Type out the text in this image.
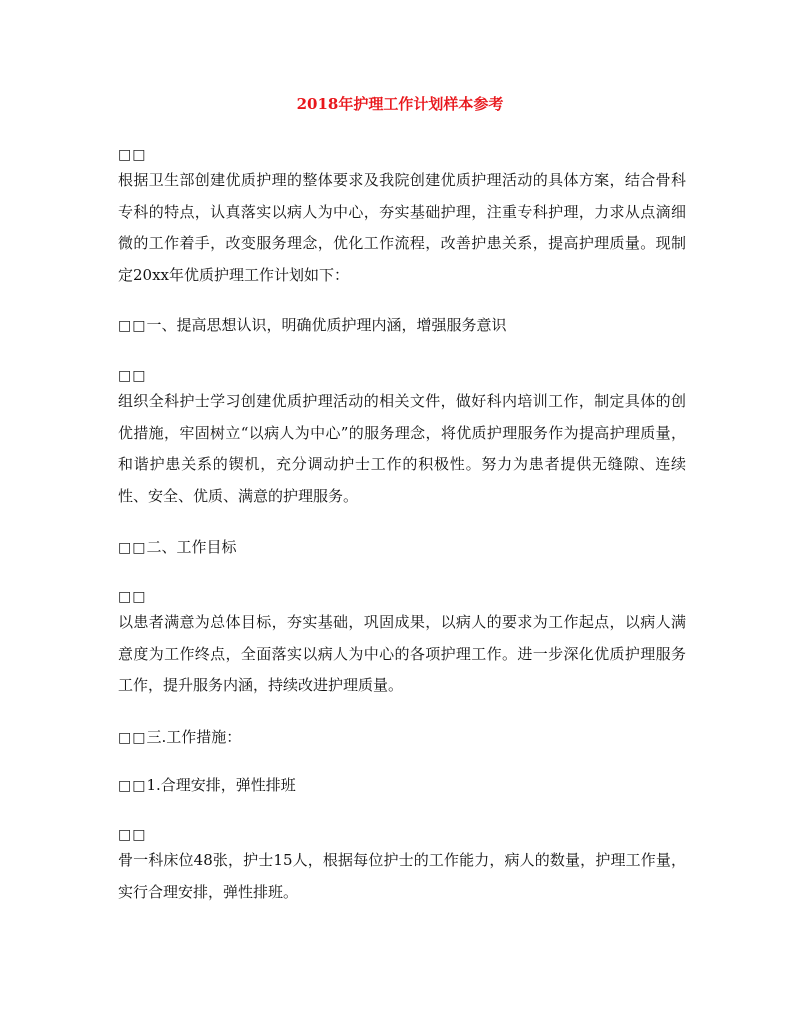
2018年护理工作计划样本参考
□□
根据卫生部创建优质护理的整体要求及我院创建优质护理活动的具体方案，结合骨科专科的特点，认真落实以病人为中心，夯实基础护理，注重专科护理，力求从点滴细微的工作着手，改变服务理念，优化工作流程，改善护患关系，提高护理质量。现制定20xx年优质护理工作计划如下：
□□一、提高思想认识，明确优质护理内涵，增强服务意识
□□
组织全科护士学习创建优质护理活动的相关文件，做好科内培训工作，制定具体的创优措施，牢固树立“以病人为中心”的服务理念，将优质护理服务作为提高护理质量，和谐护患关系的锲机，充分调动护士工作的积极性。努力为患者提供无缝隙、连续性、安全、优质、满意的护理服务。
□□二、工作目标
□□
以患者满意为总体目标，夯实基础，巩固成果，以病人的要求为工作起点，以病人满意度为工作终点，全面落实以病人为中心的各项护理工作。进一步深化优质护理服务工作，提升服务内涵，持续改进护理质量。
□□三.工作措施：
□□1.合理安排，弹性排班
□□
骨一科床位48张，护士15人，根据每位护士的工作能力，病人的数量，护理工作量，实行合理安排，弹性排班。
